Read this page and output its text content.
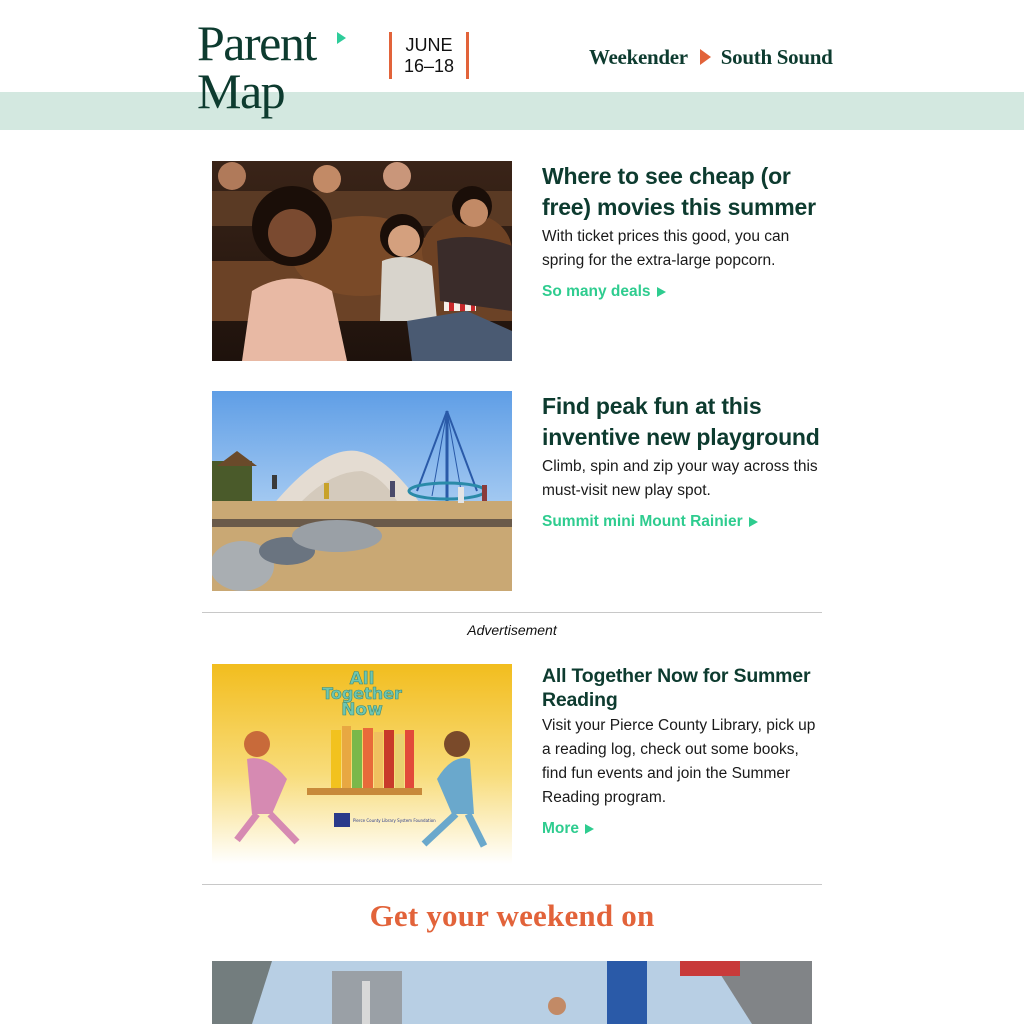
Parent
Map
JUNE
16–18	Weekender South Sound
Where to see cheap (or free) movies this summer

With ticket prices this good, you can spring for the extra-large popcorn.

So many deals
Find peak fun at this inventive new playground

Climb, spin and zip your way across this must-visit new play spot.

Summit mini Mount Rainier
Advertisement
All
Together
Now
Pierce County Library System Foundation
All Together Now for Summer Reading

Visit your Pierce County Library, pick up a reading log, check out some books, find fun events and join the Summer Reading program.

More
Get your weekend on
